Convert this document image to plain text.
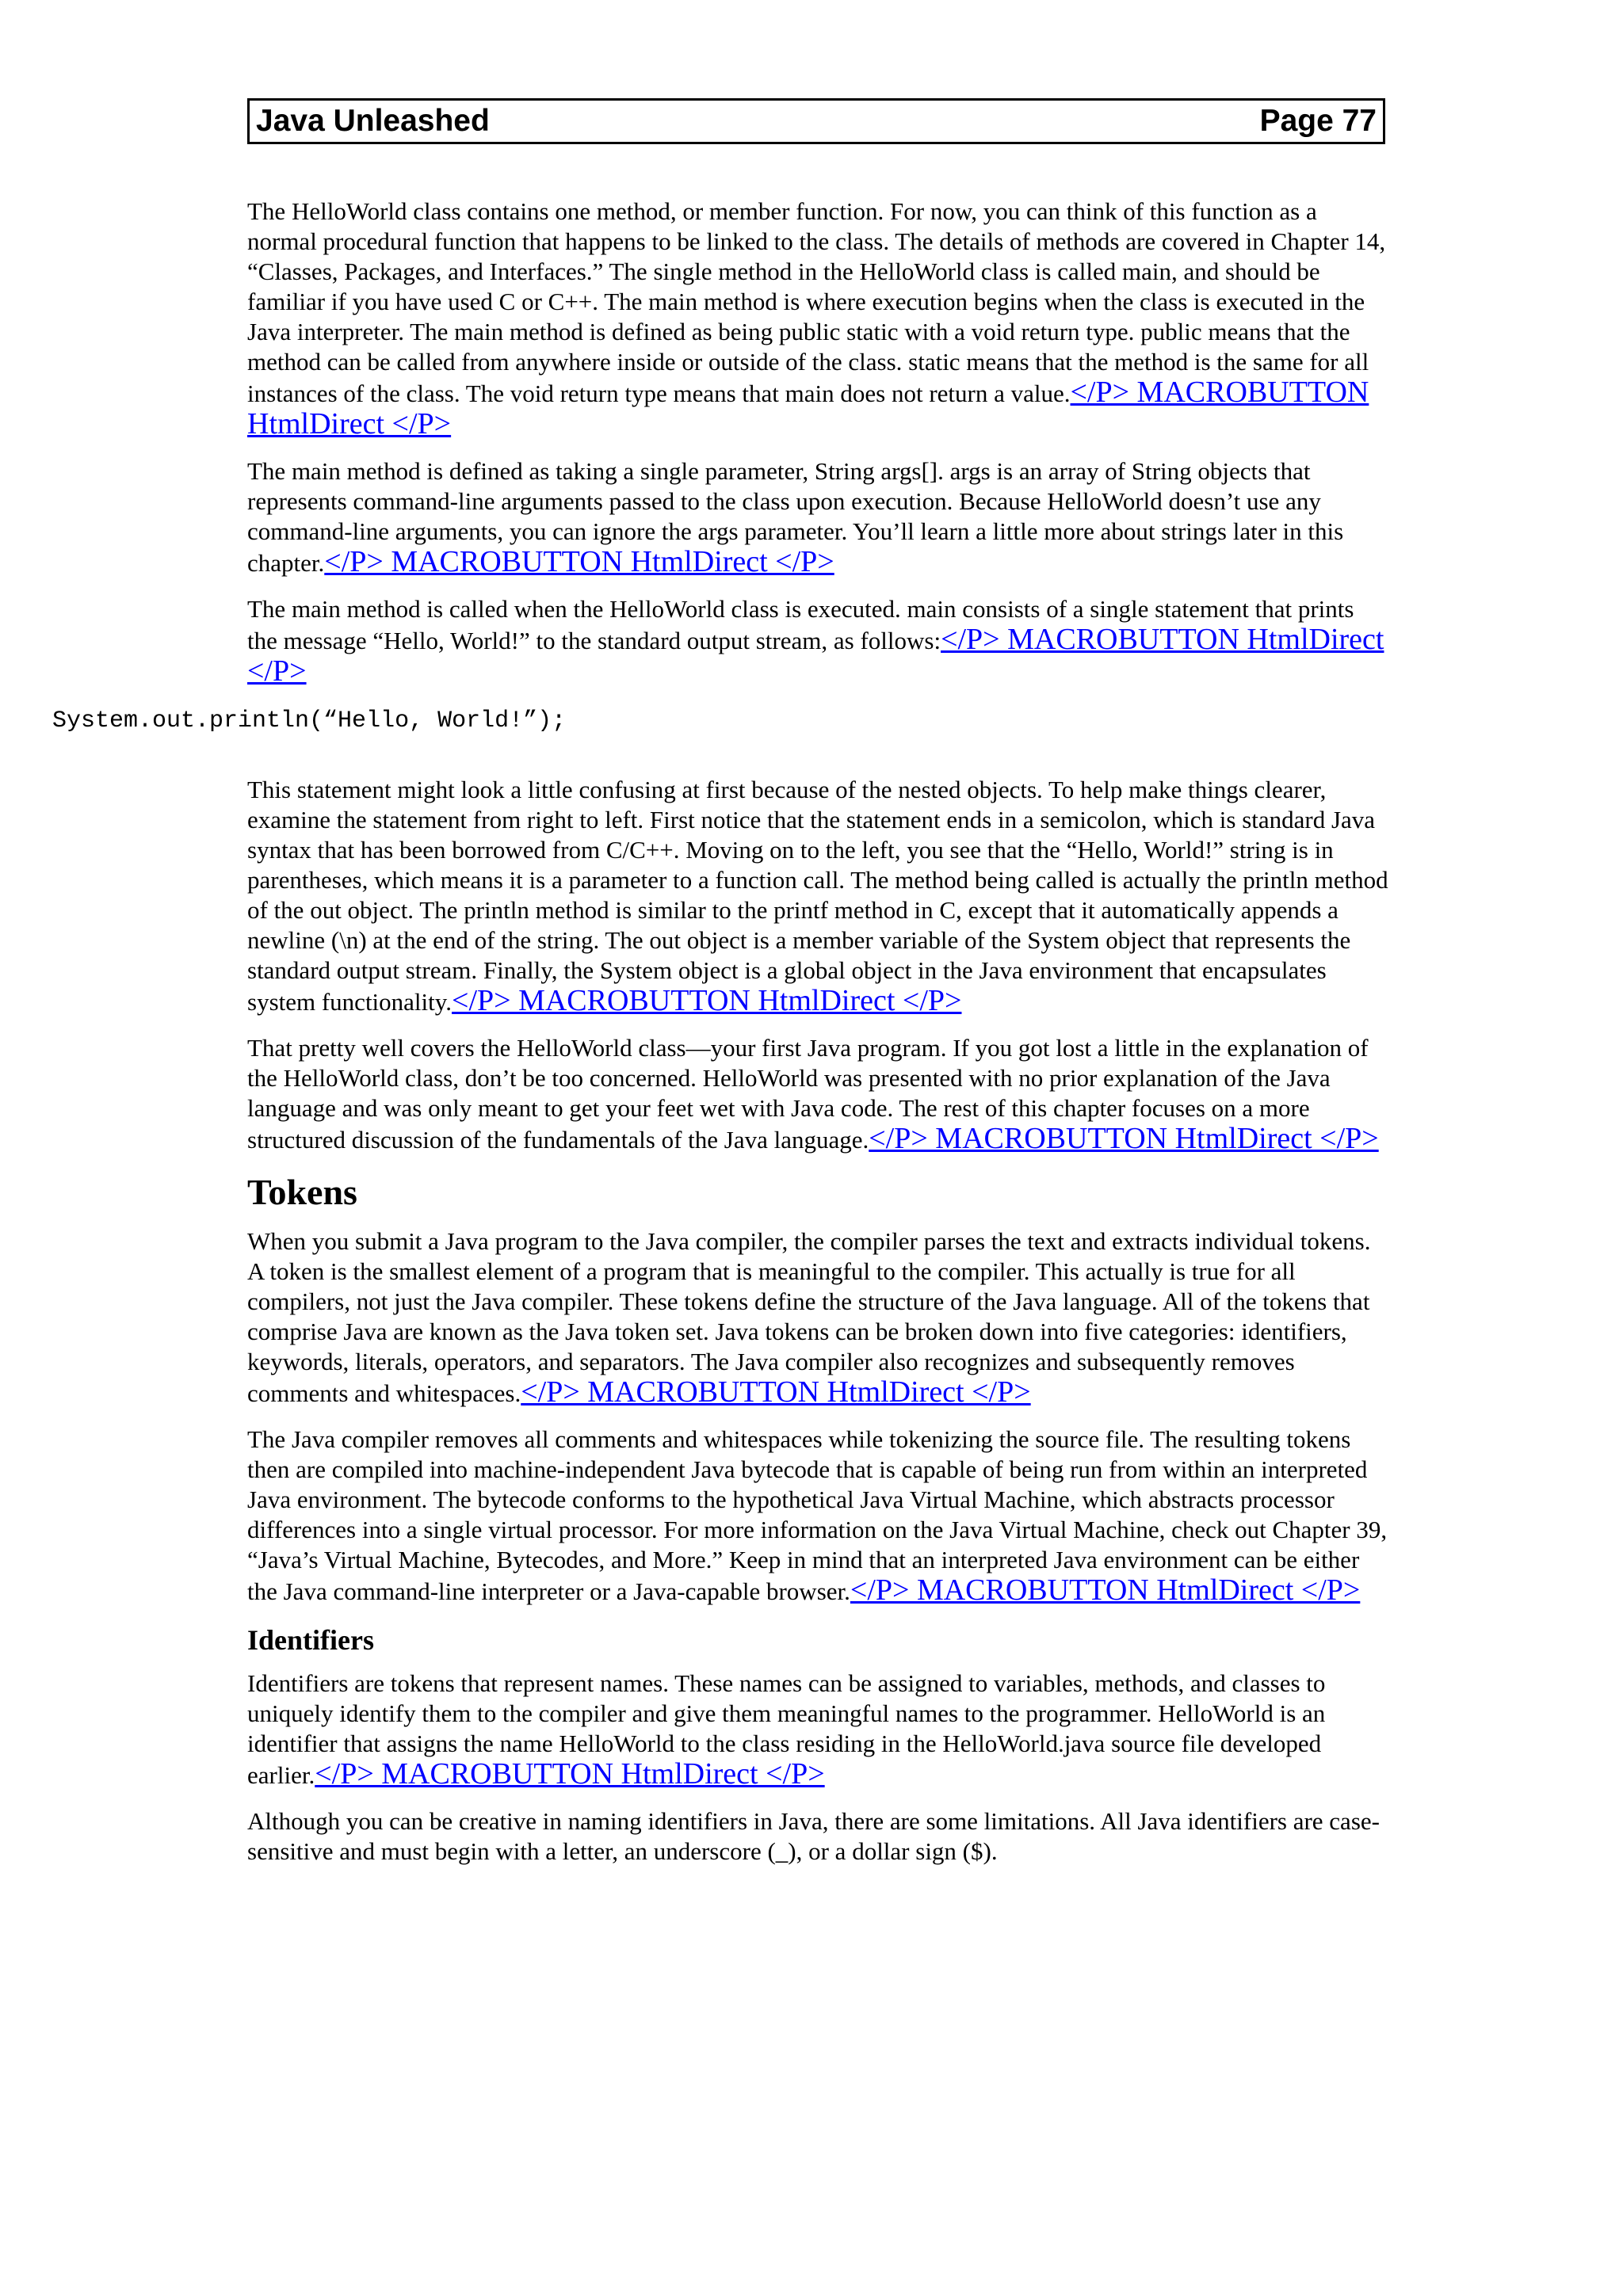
Java Unleashed	Page 77

The HelloWorld class contains one method, or member function. For now, you can think of this function as a normal procedural function that happens to be linked to the class. The details of methods are covered in Chapter 14, “Classes, Packages, and Interfaces.” The single method in the HelloWorld class is called main, and should be familiar if you have used C or C++. The main method is where execution begins when the class is executed in the Java interpreter. The main method is defined as being public static with a void return type. public means that the method can be called from anywhere inside or outside of the class. static means that the method is the same for all instances of the class. The void return type means that main does not return a value.</P> MACROBUTTON HtmlDirect </P>

The main method is defined as taking a single parameter, String args[]. args is an array of String objects that represents command-line arguments passed to the class upon execution. Because HelloWorld doesn’t use any command-line arguments, you can ignore the args parameter. You’ll learn a little more about strings later in this chapter.</P> MACROBUTTON HtmlDirect </P>

The main method is called when the HelloWorld class is executed. main consists of a single statement that prints the message “Hello, World!” to the standard output stream, as follows:</P> MACROBUTTON HtmlDirect </P>

System.out.println(“Hello, World!”);

This statement might look a little confusing at first because of the nested objects. To help make things clearer, examine the statement from right to left. First notice that the statement ends in a semicolon, which is standard Java syntax that has been borrowed from C/C++. Moving on to the left, you see that the “Hello, World!” string is in parentheses, which means it is a parameter to a function call. The method being called is actually the println method of the out object. The println method is similar to the printf method in C, except that it automatically appends a newline (\n) at the end of the string. The out object is a member variable of the System object that represents the standard output stream. Finally, the System object is a global object in the Java environment that encapsulates system functionality.</P> MACROBUTTON HtmlDirect </P>

That pretty well covers the HelloWorld class—your first Java program. If you got lost a little in the explanation of the HelloWorld class, don’t be too concerned. HelloWorld was presented with no prior explanation of the Java language and was only meant to get your feet wet with Java code. The rest of this chapter focuses on a more structured discussion of the fundamentals of the Java language.</P> MACROBUTTON HtmlDirect </P>

Tokens

When you submit a Java program to the Java compiler, the compiler parses the text and extracts individual tokens. A token is the smallest element of a program that is meaningful to the compiler. This actually is true for all compilers, not just the Java compiler. These tokens define the structure of the Java language. All of the tokens that comprise Java are known as the Java token set. Java tokens can be broken down into five categories: identifiers, keywords, literals, operators, and separators. The Java compiler also recognizes and subsequently removes comments and whitespaces.</P> MACROBUTTON HtmlDirect </P>

The Java compiler removes all comments and whitespaces while tokenizing the source file. The resulting tokens then are compiled into machine-independent Java bytecode that is capable of being run from within an interpreted Java environment. The bytecode conforms to the hypothetical Java Virtual Machine, which abstracts processor differences into a single virtual processor. For more information on the Java Virtual Machine, check out Chapter 39, “Java’s Virtual Machine, Bytecodes, and More.” Keep in mind that an interpreted Java environment can be either the Java command-line interpreter or a Java-capable browser.</P> MACROBUTTON HtmlDirect </P>

Identifiers

Identifiers are tokens that represent names. These names can be assigned to variables, methods, and classes to uniquely identify them to the compiler and give them meaningful names to the programmer. HelloWorld is an identifier that assigns the name HelloWorld to the class residing in the HelloWorld.java source file developed earlier.</P> MACROBUTTON HtmlDirect </P>

Although you can be creative in naming identifiers in Java, there are some limitations. All Java identifiers are case-sensitive and must begin with a letter, an underscore (_), or a dollar sign ($).
